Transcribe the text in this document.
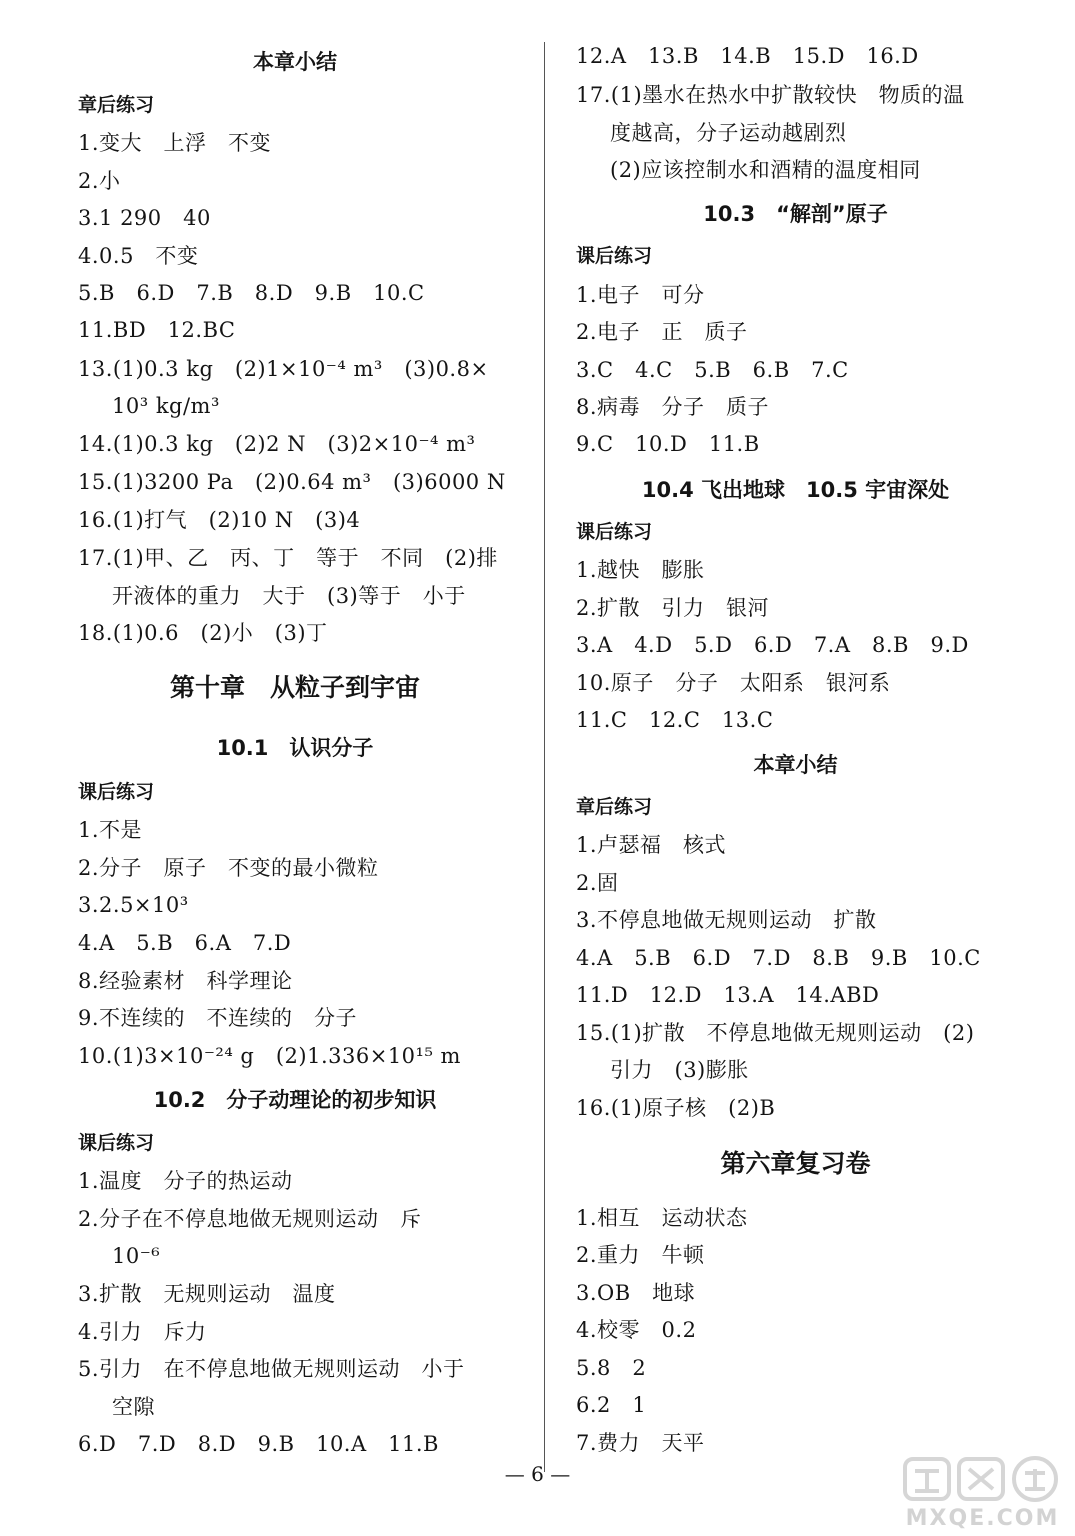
本章小结
章后练习
1.变大　上浮　不变
2.小
3.1 290　40
4.0.5　不变
5.B　6.D　7.B　8.D　9.B　10.C
11.BD　12.BC
13.(1)0.3 kg　(2)1×10⁻⁴ m³　(3)0.8×
10³ kg/m³
14.(1)0.3 kg　(2)2 N　(3)2×10⁻⁴ m³
15.(1)3200 Pa　(2)0.64 m³　(3)6000 N
16.(1)打气　(2)10 N　(3)4
17.(1)甲、乙　丙、丁　等于　不同　(2)排
开液体的重力　大于　(3)等于　小于
18.(1)0.6　(2)小　(3)丁
第十章　从粒子到宇宙
10.1　认识分子
课后练习
1.不是
2.分子　原子　不变的最小微粒
3.2.5×10³
4.A　5.B　6.A　7.D
8.经验素材　科学理论
9.不连续的　不连续的　分子
10.(1)3×10⁻²⁴ g　(2)1.336×10¹⁵ m
10.2　分子动理论的初步知识
课后练习
1.温度　分子的热运动
2.分子在不停息地做无规则运动　斥
10⁻⁶
3.扩散　无规则运动　温度
4.引力　斥力
5.引力　在不停息地做无规则运动　小于
空隙
6.D　7.D　8.D　9.B　10.A　11.B
12.A　13.B　14.B　15.D　16.D
17.(1)墨水在热水中扩散较快　物质的温
度越高，分子运动越剧烈
(2)应该控制水和酒精的温度相同
10.3　“解剖”原子
课后练习
1.电子　可分
2.电子　正　质子
3.C　4.C　5.B　6.B　7.C
8.病毒　分子　质子
9.C　10.D　11.B
10.4 飞出地球　10.5 宇宙深处
课后练习
1.越快　膨胀
2.扩散　引力　银河
3.A　4.D　5.D　6.D　7.A　8.B　9.D
10.原子　分子　太阳系　银河系
11.C　12.C　13.C
本章小结
章后练习
1.卢瑟福　核式
2.固
3.不停息地做无规则运动　扩散
4.A　5.B　6.D　7.D　8.B　9.B　10.C
11.D　12.D　13.A　14.ABD
15.(1)扩散　不停息地做无规则运动　(2)
引力　(3)膨胀
16.(1)原子核　(2)B
第六章复习卷
1.相互　运动状态
2.重力　牛顿
3.OB　地球
4.校零　0.2
5.8　2
6.2　1
7.费力　天平
— 6 —
MXQE.COM
